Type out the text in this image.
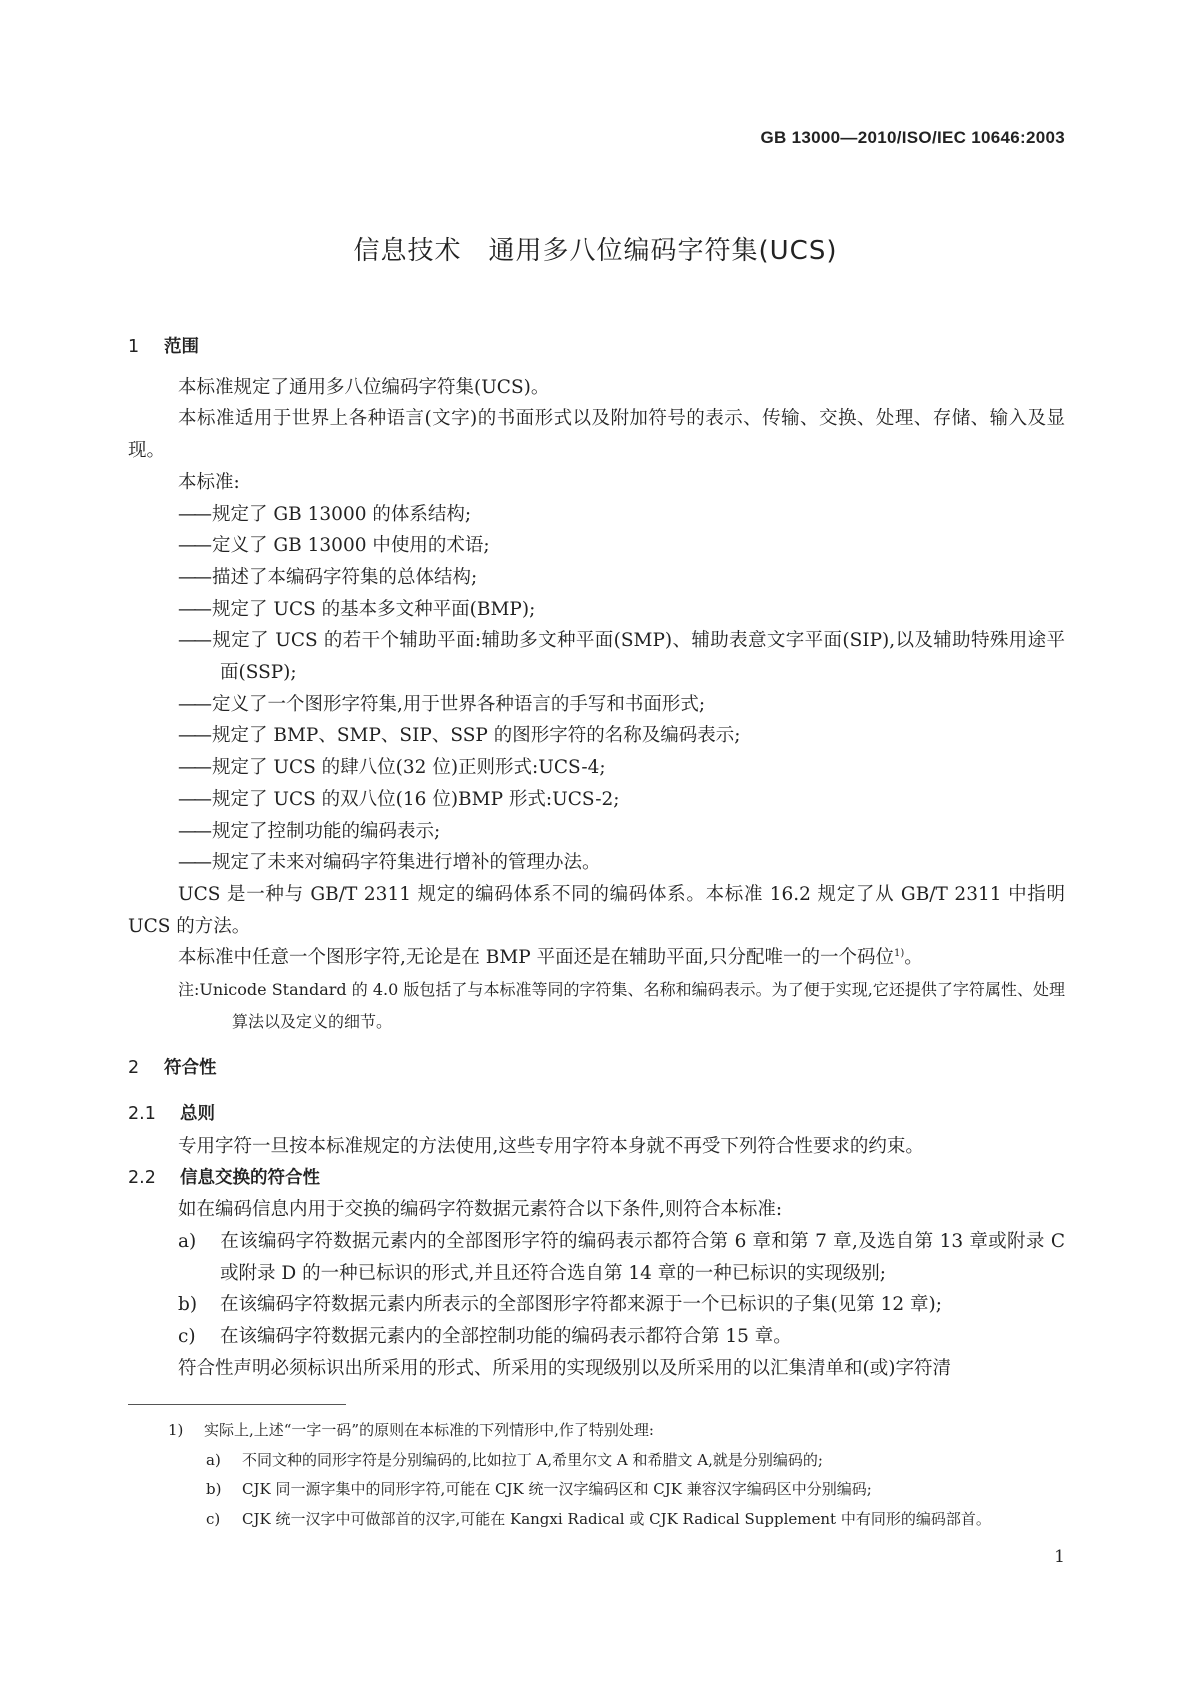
GB 13000—2010/ISO/IEC 10646:2003
信息技术　通用多八位编码字符集(UCS)
1 范围
本标准规定了通用多八位编码字符集(UCS)。
本标准适用于世界上各种语言(文字)的书面形式以及附加符号的表示、传输、交换、处理、存储、输入及显现。
本标准:
—— 规定了 GB 13000 的体系结构;
—— 定义了 GB 13000 中使用的术语;
—— 描述了本编码字符集的总体结构;
—— 规定了 UCS 的基本多文种平面(BMP);
—— 规定了 UCS 的若干个辅助平面:辅助多文种平面(SMP)、辅助表意文字平面(SIP),以及辅助特殊用途平面(SSP);
—— 定义了一个图形字符集,用于世界各种语言的手写和书面形式;
—— 规定了 BMP、SMP、SIP、SSP 的图形字符的名称及编码表示;
—— 规定了 UCS 的肆八位(32 位)正则形式:UCS-4;
—— 规定了 UCS 的双八位(16 位)BMP 形式:UCS-2;
—— 规定了控制功能的编码表示;
—— 规定了未来对编码字符集进行增补的管理办法。
UCS 是一种与 GB/T 2311 规定的编码体系不同的编码体系。本标准 16.2 规定了从 GB/T 2311 中指明 UCS 的方法。
本标准中任意一个图形字符,无论是在 BMP 平面还是在辅助平面,只分配唯一的一个码位$^{1)}$。
注:Unicode Standard 的 4.0 版包括了与本标准等同的字符集、名称和编码表示。为了便于实现,它还提供了字符属性、处理算法以及定义的细节。
2 符合性
2.1 总则
专用字符一旦按本标准规定的方法使用,这些专用字符本身就不再受下列符合性要求的约束。
2.2 信息交换的符合性
如在编码信息内用于交换的编码字符数据元素符合以下条件,则符合本标准:
a) 在该编码字符数据元素内的全部图形字符的编码表示都符合第 6 章和第 7 章,及选自第 13 章或附录 C 或附录 D 的一种已标识的形式,并且还符合选自第 14 章的一种已标识的实现级别;
b) 在该编码字符数据元素内所表示的全部图形字符都来源于一个已标识的子集(见第 12 章);
c) 在该编码字符数据元素内的全部控制功能的编码表示都符合第 15 章。
符合性声明必须标识出所采用的形式、所采用的实现级别以及所采用的以汇集清单和(或)字符清
1) 实际上,上述“一字一码”的原则在本标准的下列情形中,作了特别处理:
a) 不同文种的同形字符是分别编码的,比如拉丁 A,希里尔文 A 和希腊文 A,就是分别编码的;
b) CJK 同一源字集中的同形字符,可能在 CJK 统一汉字编码区和 CJK 兼容汉字编码区中分别编码;
c) CJK 统一汉字中可做部首的汉字,可能在 Kangxi Radical 或 CJK Radical Supplement 中有同形的编码部首。
1
